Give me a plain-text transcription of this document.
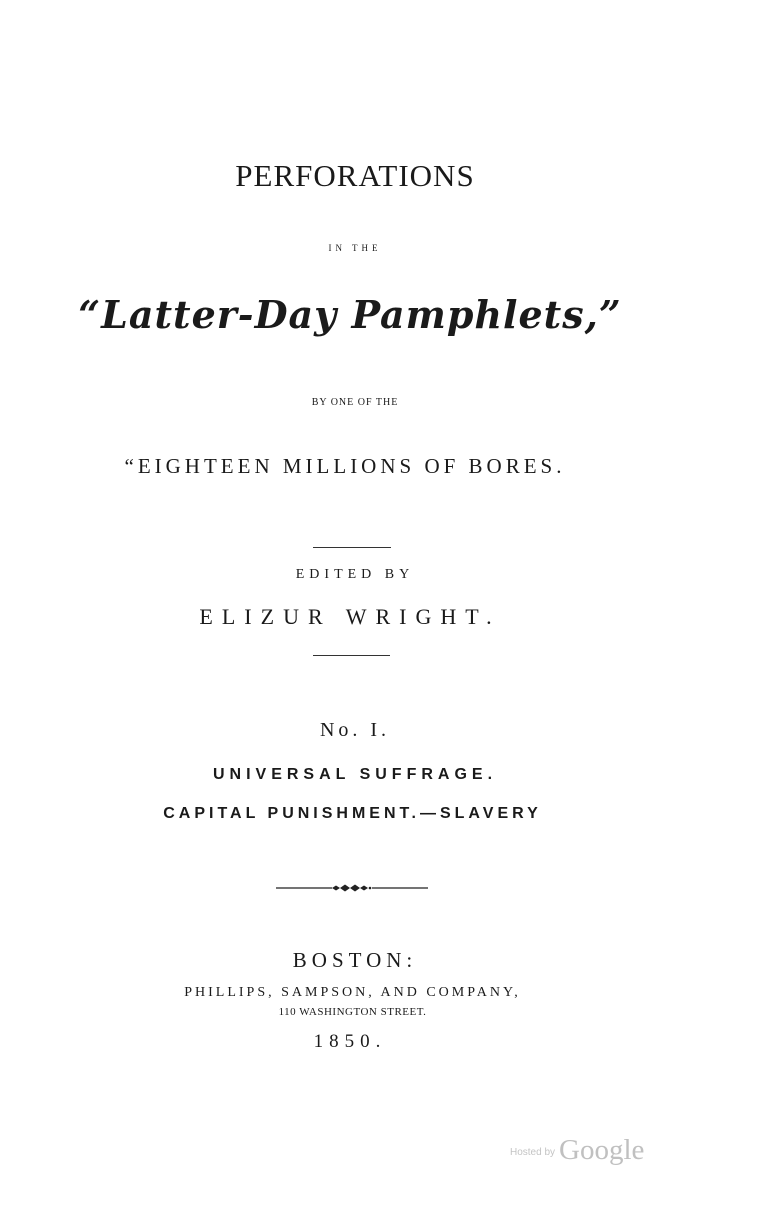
PERFORATIONS
IN THE
“Latter-Day Pamphlets,”
BY ONE OF THE
“EIGHTEEN MILLIONS OF BORES.
EDITED BY
ELIZUR WRIGHT.
No. I.
UNIVERSAL SUFFRAGE.
CAPITAL PUNISHMENT.—SLAVERY
BOSTON:
PHILLIPS, SAMPSON, AND COMPANY,
110 WASHINGTON STREET.
1850.
$^{Hosted by}$ Google
